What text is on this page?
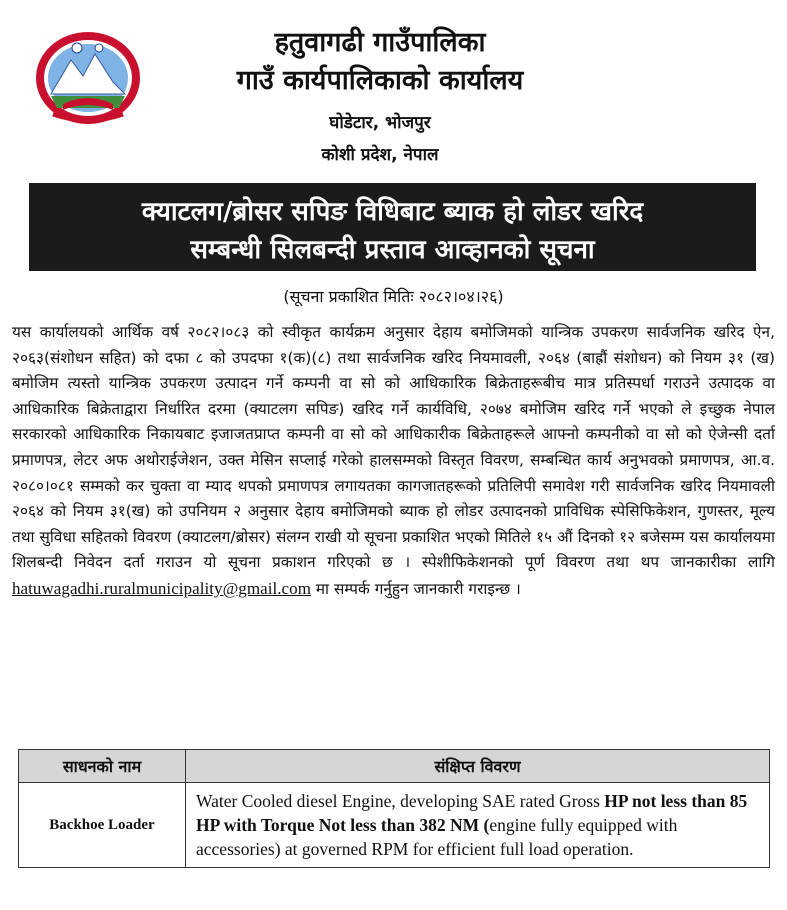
हतुवागढी गाउँपालिका
गाउँ कार्यपालिकाको कार्यालय
घोडेटार, भोजपुर
कोशी प्रदेश, नेपाल
क्याटलग/ब्रोसर सपिङ विधिबाट ब्याक हो लोडर खरिद
सम्बन्धी सिलबन्दी प्रस्ताव आव्हानको सूचना
(सूचना प्रकाशित मितिः २०८२।०४।२६)
यस कार्यालयको आर्थिक वर्ष २०८२।०८३ को स्वीकृत कार्यक्रम अनुसार देहाय बमोजिमको यान्त्रिक उपकरण सार्वजनिक खरिद ऐन, २०६३(संशोधन सहित) को दफा ८ को उपदफा १(क)(८) तथा सार्वजनिक खरिद नियमावली, २०६४ (बाह्रौं संशोधन) को नियम ३१ (ख) बमोजिम त्यस्तो यान्त्रिक उपकरण उत्पादन गर्ने कम्पनी वा सो को आधिकारिक बिक्रेताहरूबीच मात्र प्रतिस्पर्धा गराउने उत्पादक वा आधिकारिक बिक्रेताद्वारा निर्धारित दरमा (क्याटलग सपिङ) खरिद गर्ने कार्यविधि, २०७४ बमोजिम खरिद गर्ने भएको ले इच्छुक नेपाल सरकारको आधिकारिक निकायबाट इजाजतप्राप्त कम्पनी वा सो को आधिकारीक बिक्रेताहरूले आफ्नो कम्पनीको वा सो को ऐजेन्सी दर्ता प्रमाणपत्र, लेटर अफ अथोराईजेशन, उक्त मेसिन सप्लाई गरेको हालसम्मको विस्तृत विवरण, सम्बन्धित कार्य अनुभवको प्रमाणपत्र, आ.व. २०८०।०८१ सम्मको कर चुक्ता वा म्याद थपको प्रमाणपत्र लगायतका कागजातहरूको प्रतिलिपी समावेश गरी सार्वजनिक खरिद नियमावली २०६४ को नियम ३१(ख) को उपनियम २ अनुसार देहाय बमोजिमको ब्याक हो लोडर उत्पादनको प्राविधिक स्पेसिफिकेशन, गुणस्तर, मूल्य तथा सुविधा सहितको विवरण (क्याटलग/ब्रोसर) संलग्न राखी यो सूचना प्रकाशित भएको मितिले १५ औं दिनको १२ बजेसम्म यस कार्यालयमा शिलबन्दी निवेदन दर्ता गराउन यो सूचना प्रकाशन गरिएको छ । स्पेशीफिकेशनको पूर्ण विवरण तथा थप जानकारीका लागि hatuwagadhi.ruralmunicipality@gmail.com मा सम्पर्क गर्नुहुन जानकारी गराइन्छ ।
साधनको नाम	संक्षिप्त विवरण
Backhoe Loader	Water Cooled diesel Engine, developing SAE rated Gross HP not less than 85 HP with Torque Not less than 382 NM (engine fully equipped with accessories) at governed RPM for efficient full load operation.
